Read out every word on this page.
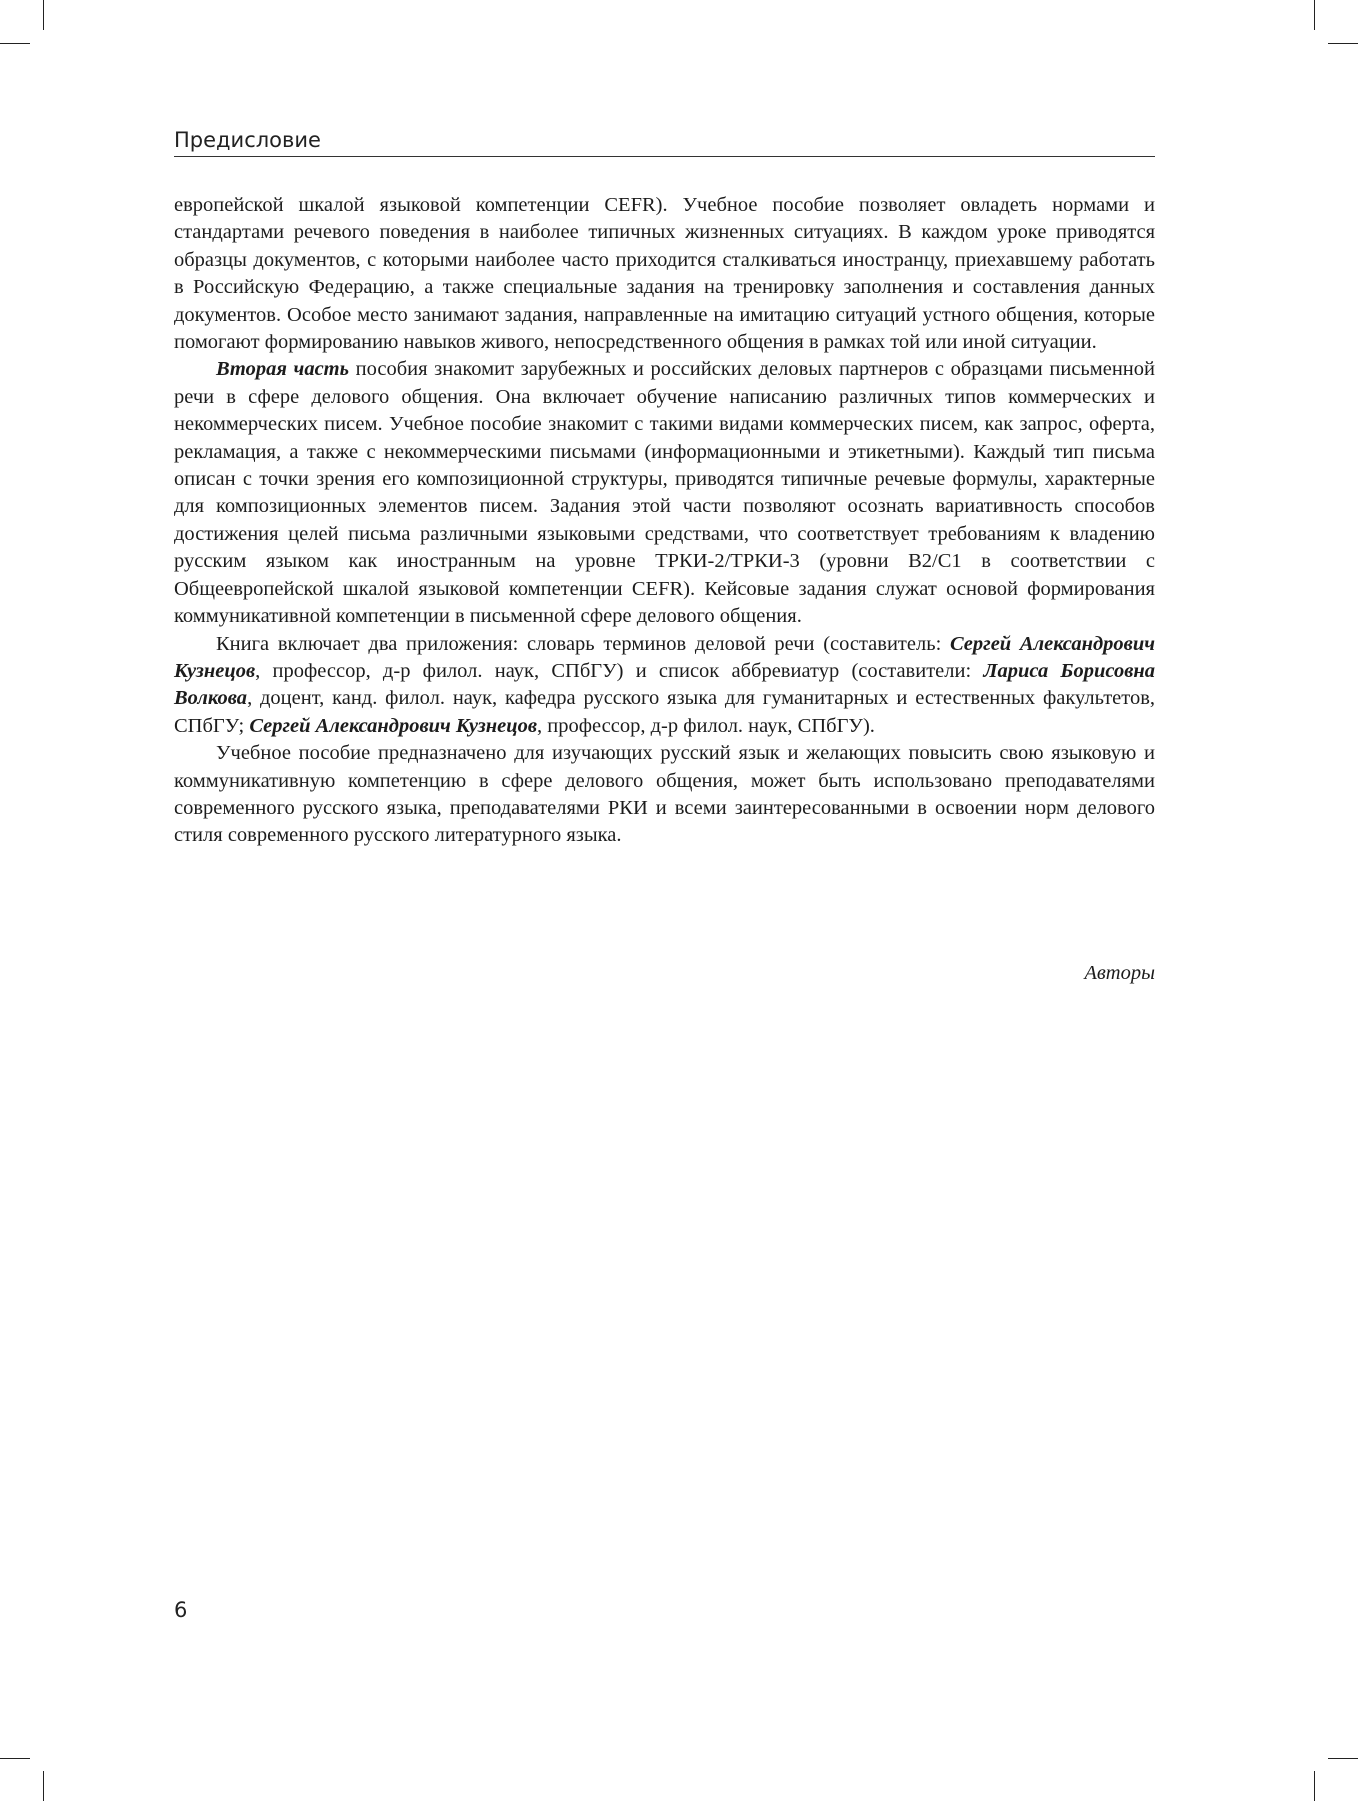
Предисловие

европейской шкалой языковой компетенции CEFR). Учебное пособие позволяет овладеть нормами и стандартами речевого поведения в наиболее типичных жизненных ситуациях. В каждом уроке приводятся образцы документов, с которыми наиболее часто приходится сталкиваться иностранцу, приехавшему работать в Российскую Федерацию, а также специальные задания на тренировку заполнения и составления данных документов. Особое место занимают задания, направленные на имитацию ситуаций устного общения, которые помогают формированию навыков живого, непосредственного общения в рамках той или иной ситуации.

Вторая часть пособия знакомит зарубежных и российских деловых партнеров с образцами письменной речи в сфере делового общения. Она включает обучение написанию различных типов коммерческих и некоммерческих писем. Учебное пособие знакомит с такими видами коммерческих писем, как запрос, оферта, рекламация, а также с некоммерческими письмами (информационными и этикетными). Каждый тип письма описан с точки зрения его композиционной структуры, приводятся типичные речевые формулы, характерные для композиционных элементов писем. Задания этой части позволяют осознать вариативность способов достижения целей письма различными языковыми средствами, что соответствует требованиям к владению русским языком как иностранным на уровне ТРКИ-2/ТРКИ-3 (уровни B2/C1 в соответствии с Общеевропейской шкалой языковой компетенции CEFR). Кейсовые задания служат основой формирования коммуникативной компетенции в письменной сфере делового общения.

Книга включает два приложения: словарь терминов деловой речи (составитель: Сергей Александрович Кузнецов, профессор, д-р филол. наук, СПбГУ) и список аббревиатур (составители: Лариса Борисовна Волкова, доцент, канд. филол. наук, кафедра русского языка для гуманитарных и естественных факультетов, СПбГУ; Сергей Александрович Кузнецов, профессор, д-р филол. наук, СПбГУ).

Учебное пособие предназначено для изучающих русский язык и желающих повысить свою языковую и коммуникативную компетенцию в сфере делового общения, может быть использовано преподавателями современного русского языка, преподавателями РКИ и всеми заинтересованными в освоении норм делового стиля современного русского литературного языка.

Авторы
6
